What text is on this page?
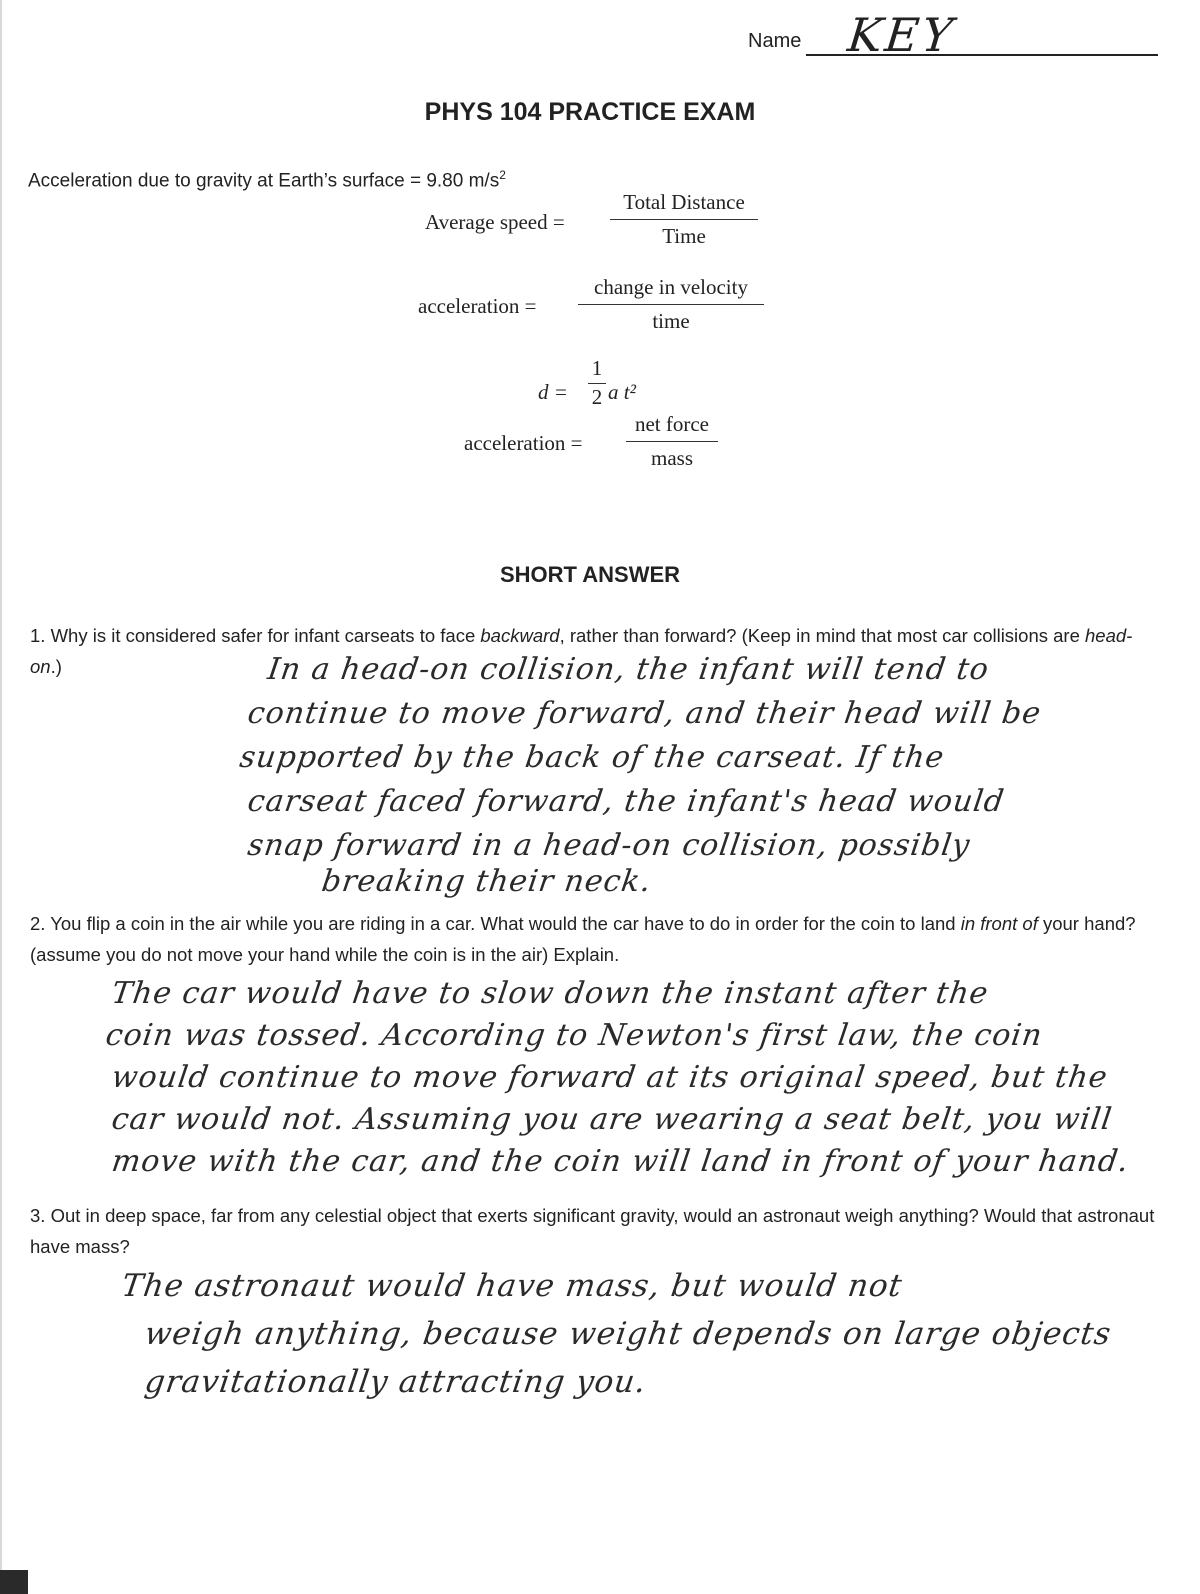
Name KEY
PHYS 104 PRACTICE EXAM
Acceleration due to gravity at Earth’s surface = 9.80 $m/s^2$
Average speed =
Total Distance
Time
acceleration =
change in velocity
time
d =
1
2 a t²
acceleration =
net force
mass
SHORT ANSWER
1. Why is it considered safer for infant carseats to face backward, rather than forward? (Keep in mind that most car collisions are head-on.)	In a head-on collision, the infant will tend to
continue to move forward, and their head will be
supported by the back of the carseat. If the
carseat faced forward, the infant's head would
snap forward in a head-on collision, possibly
breaking their neck.
2. You flip a coin in the air while you are riding in a car. What would the car have to do in order for the coin to land in front of your hand? (assume you do not move your hand while the coin is in the air) Explain.
The car would have to slow down the instant after the
coin was tossed. According to Newton's first law, the coin
would continue to move forward at its original speed, but the
car would not. Assuming you are wearing a seat belt, you will
move with the car, and the coin will land in front of your hand.
3. Out in deep space, far from any celestial object that exerts significant gravity, would an astronaut weigh anything? Would that astronaut have mass?
The astronaut would have mass, but would not
weigh anything, because weight depends on large objects
gravitationally attracting you.
